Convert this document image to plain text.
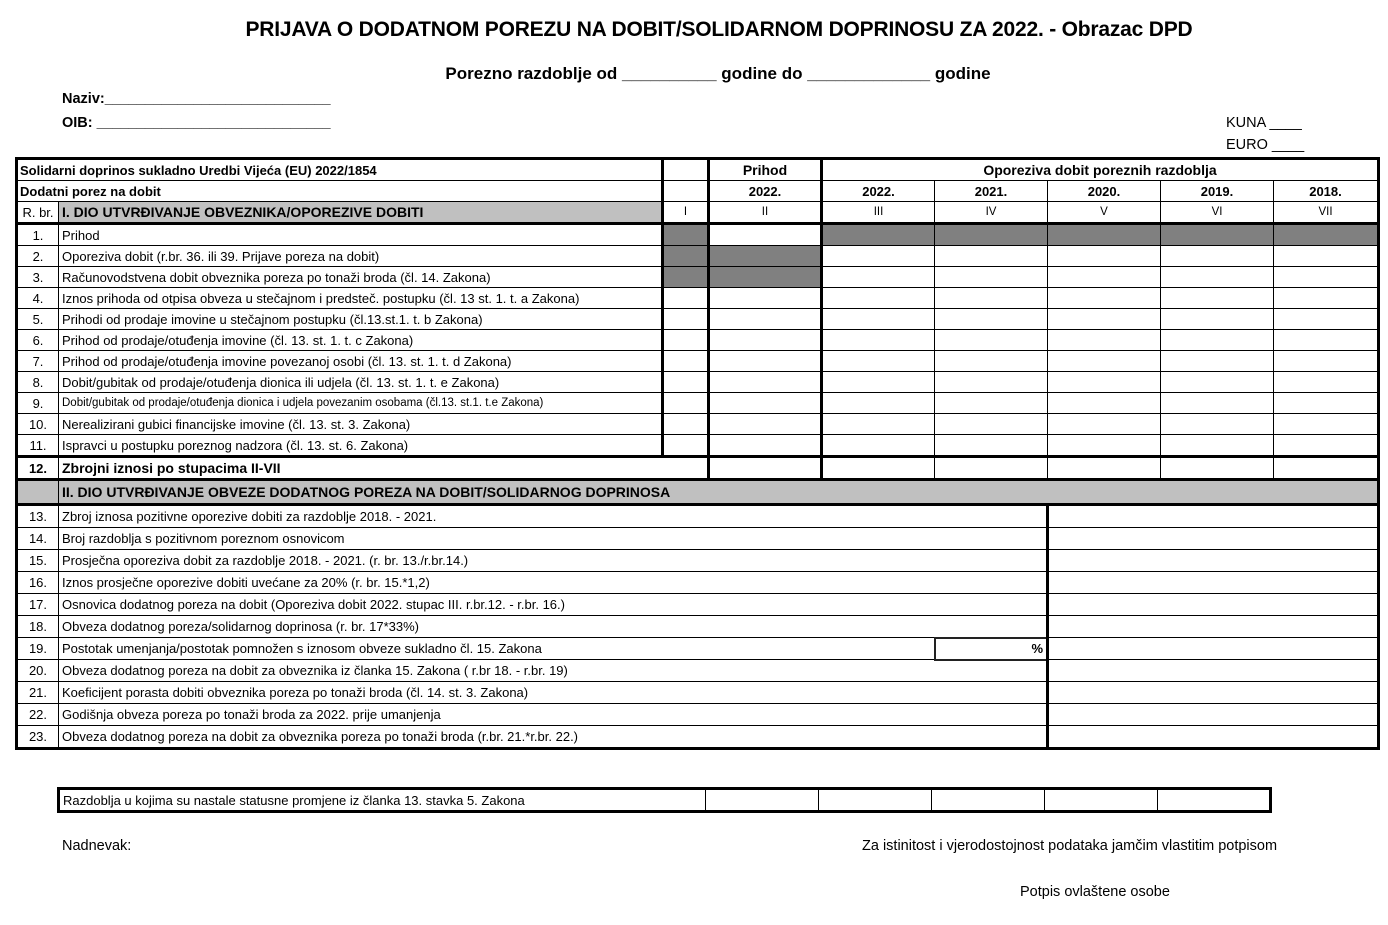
PRIJAVA O DODATNOM POREZU NA DOBIT/SOLIDARNOM DOPRINOSU ZA 2022. - Obrazac DPD
Porezno razdoblje od __________ godine do _____________ godine
Naziv:____________________________
OIB: _____________________________	KUNA ____
EURO ____
Solidarni doprinos sukladno Uredbi Vijeća (EU) 2022/1854			Prihod	Oporeziva dobit poreznih razdoblja				
Dodatni porez na dobit			2022.	2022.	2021.	2020.	2019.	2018.
R. br.	I. DIO UTVRĐIVANJE OBVEZNIKA/OPOREZIVE DOBITI	I	II	III	IV	V	VI	VII
1.	Prihod							
2.	Oporeziva dobit (r.br. 36. ili 39. Prijave poreza na dobit)							
3.	Računovodstvena dobit obveznika poreza po tonaži broda (čl. 14. Zakona)							
4.	Iznos prihoda od otpisa obveza u stečajnom i predsteč. postupku (čl. 13 st. 1. t. a Zakona)							
5.	Prihodi od prodaje imovine u stečajnom postupku (čl.13.st.1. t. b Zakona)							
6.	Prihod od prodaje/otuđenja imovine (čl. 13. st. 1. t. c Zakona)							
7.	Prihod od prodaje/otuđenja imovine povezanoj osobi (čl. 13. st. 1. t. d Zakona)							
8.	Dobit/gubitak od prodaje/otuđenja dionica ili udjela (čl. 13. st. 1. t. e Zakona)							
9.	Dobit/gubitak od prodaje/otuđenja dionica i udjela povezanim osobama (čl.13. st.1. t.e Zakona)							
10.	Nerealizirani gubici financijske imovine (čl. 13. st. 3. Zakona)							
11.	Ispravci u postupku poreznog nadzora (čl. 13. st. 6. Zakona)							
12.	Zbrojni iznosi po stupacima II-VII							
	II. DIO UTVRĐIVANJE OBVEZE DODATNOG POREZA NA DOBIT/SOLIDARNOG DOPRINOSA							
13.	Zbroj iznosa pozitivne oporezive dobiti za razdoblje 2018. - 2021.							
14.	Broj razdoblja s pozitivnom poreznom osnovicom							
15.	Prosječna oporeziva dobit za razdoblje 2018. - 2021. (r. br. 13./r.br.14.)							
16.	Iznos prosječne oporezive dobiti uvećane za 20% (r. br. 15.*1,2)							
17.	Osnovica dodatnog poreza na dobit (Oporeziva dobit 2022. stupac III. r.br.12. - r.br. 16.)							
18.	Obveza dodatnog poreza/solidarnog doprinosa (r. br. 17*33%)							
19.	Postotak umenjanja/postotak pomnožen s iznosom obveze sukladno čl. 15. Zakona				%			
20.	Obveza dodatnog poreza na dobit za obveznika iz članka 15. Zakona ( r.br 18. - r.br. 19)							
21.	Koeficijent porasta dobiti obveznika poreza po tonaži broda (čl. 14. st. 3. Zakona)							
22.	Godišnja obveza poreza po tonaži broda za 2022. prije umanjenja							
23.	Obveza dodatnog poreza na dobit za obveznika poreza po tonaži broda (r.br. 21.*r.br. 22.)							
Razdoblja u kojima su nastale statusne promjene iz članka 13. stavka 5. Zakona					
Nadnevak:	Za istinitost i vjerodostojnost podataka jamčim vlastitim potpisom
Potpis ovlaštene osobe
